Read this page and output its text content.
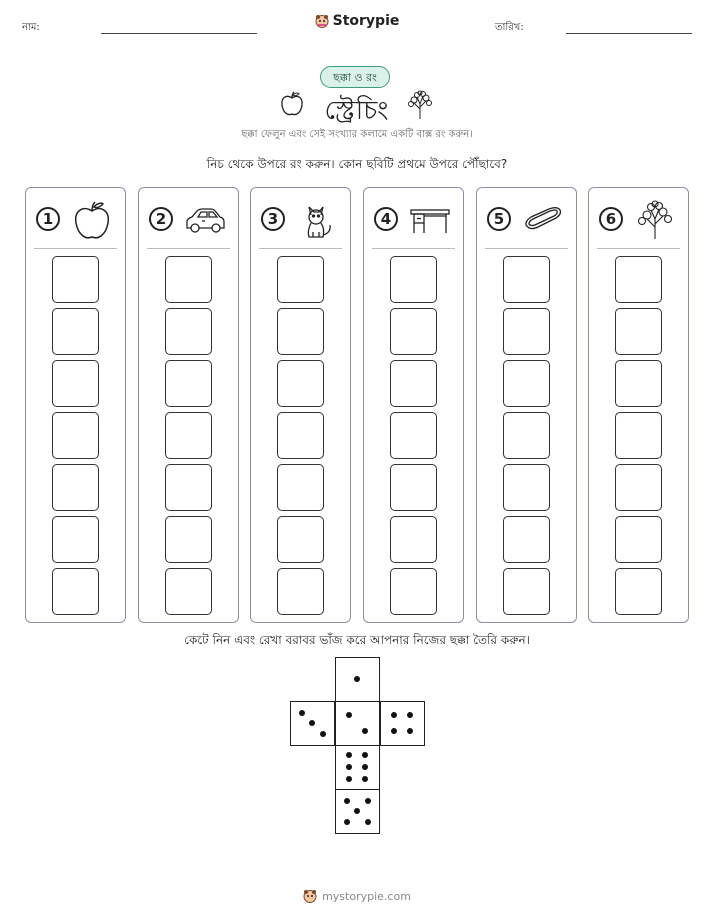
নাম:	Storypie	তারিখ:
ছক্কা ও রং
স্ট্রেচিং
ছক্কা ফেলুন এবং সেই সংখ্যার কলামে একটি বাক্স রং করুন।
নিচ থেকে উপরে রং করুন। কোন ছবিটি প্রথমে উপরে পৌঁছাবে?
1	2	3	4	5	6
কেটে নিন এবং রেখা বরাবর ভাঁজ করে আপনার নিজের ছক্কা তৈরি করুন।
mystorypie.com
